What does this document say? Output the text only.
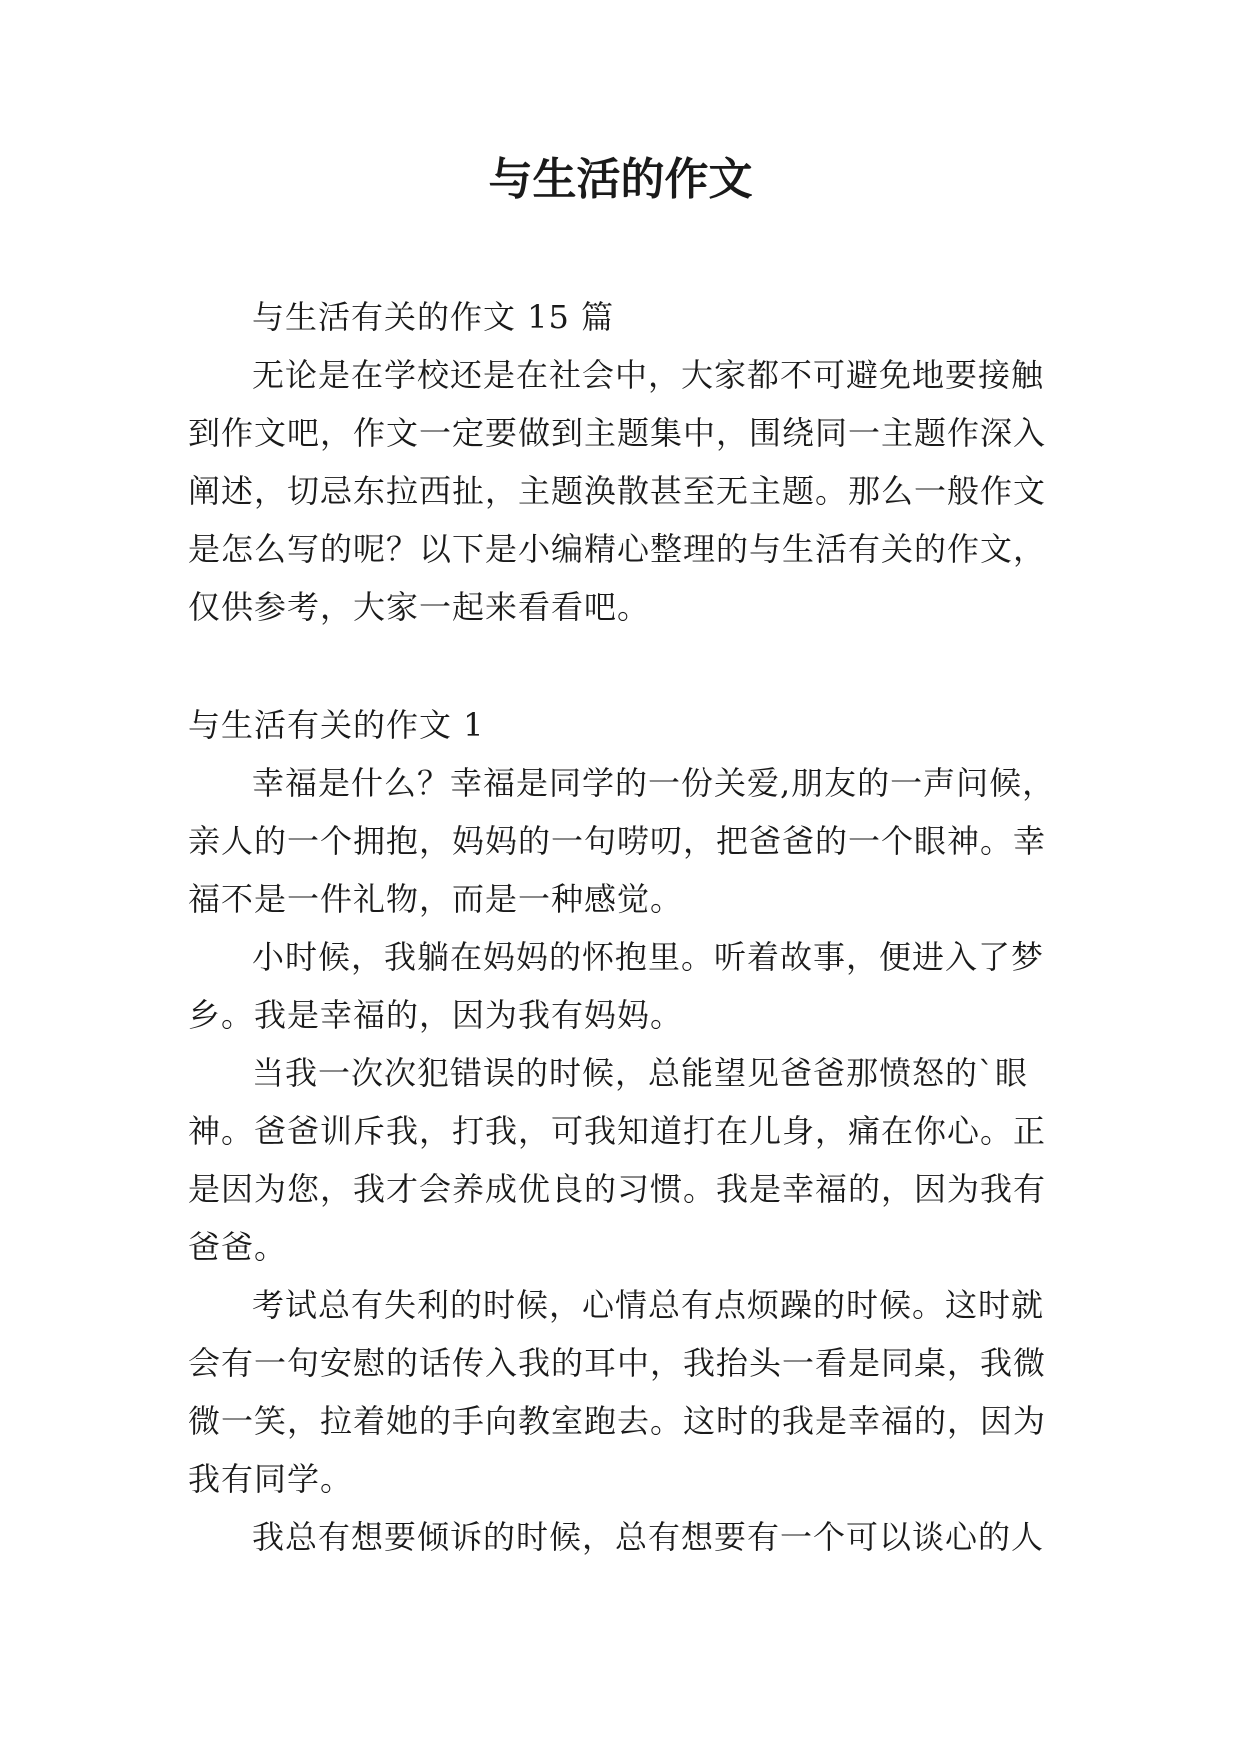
与生活的作文
与生活有关的作文 15 篇
无论是在学校还是在社会中，大家都不可避免地要接触
到作文吧，作文一定要做到主题集中，围绕同一主题作深入
阐述，切忌东拉西扯，主题涣散甚至无主题。那么一般作文
是怎么写的呢？以下是小编精心整理的与生活有关的作文，
仅供参考，大家一起来看看吧。
与生活有关的作文 1
幸福是什么？幸福是同学的一份关爱,朋友的一声问候，
亲人的一个拥抱，妈妈的一句唠叨，把爸爸的一个眼神。幸
福不是一件礼物，而是一种感觉。
小时候，我躺在妈妈的怀抱里。听着故事，便进入了梦
乡。我是幸福的，因为我有妈妈。
当我一次次犯错误的时候，总能望见爸爸那愤怒的`眼
神。爸爸训斥我，打我，可我知道打在儿身，痛在你心。正
是因为您，我才会养成优良的习惯。我是幸福的，因为我有
爸爸。
考试总有失利的时候，心情总有点烦躁的时候。这时就
会有一句安慰的话传入我的耳中，我抬头一看是同桌，我微
微一笑，拉着她的手向教室跑去。这时的我是幸福的，因为
我有同学。
我总有想要倾诉的时候，总有想要有一个可以谈心的人
